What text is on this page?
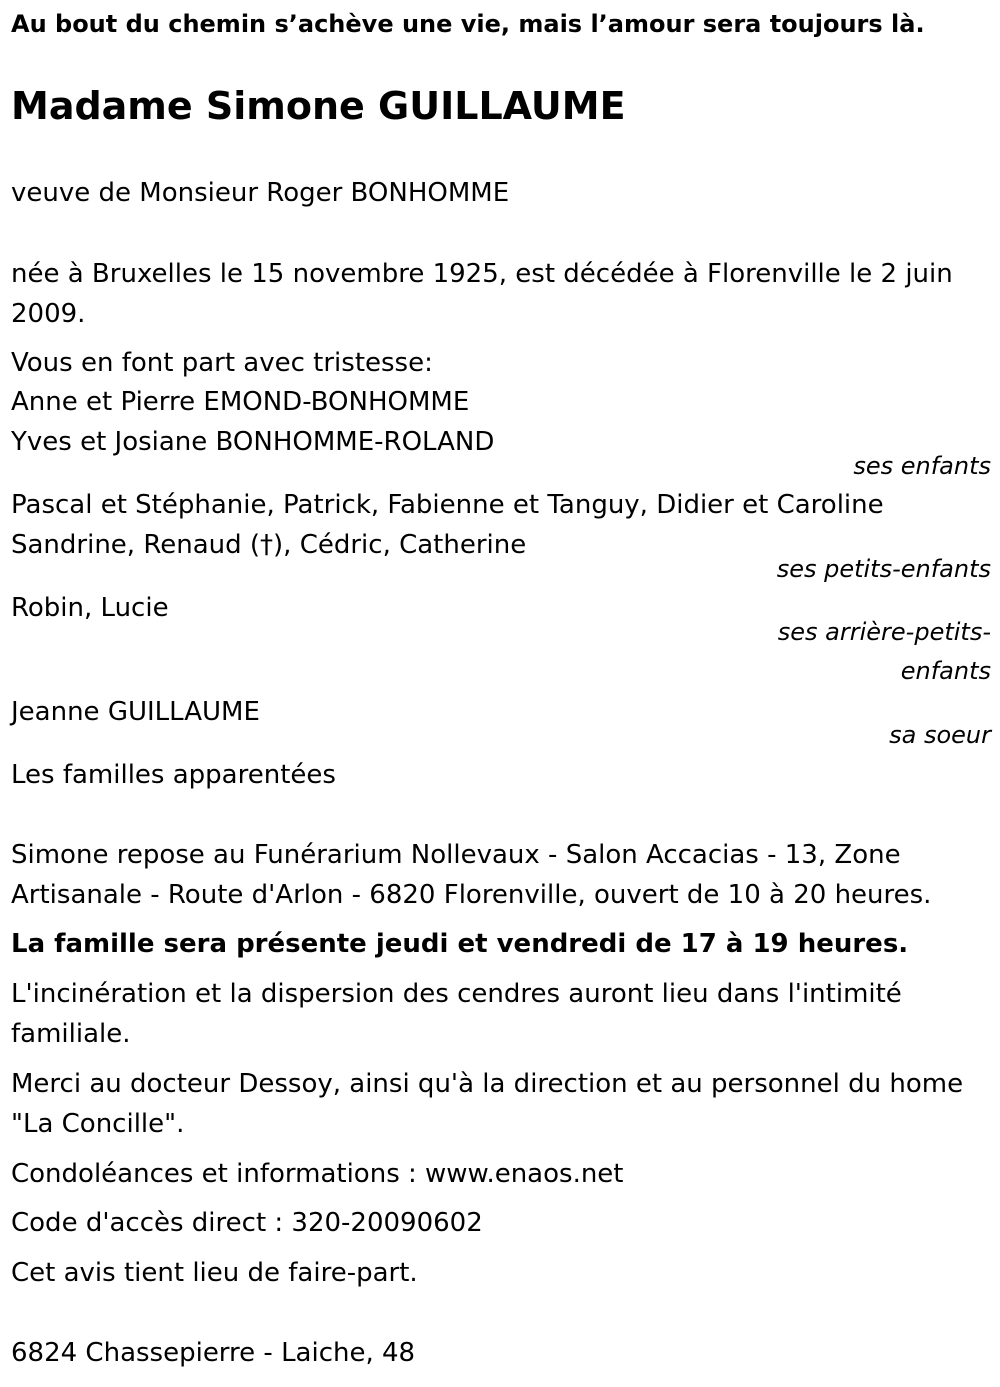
Au bout du chemin s’achève une vie, mais l’amour sera toujours là.

Madame Simone GUILLAUME

veuve de Monsieur Roger BONHOMME

née à Bruxelles le 15 novembre 1925, est décédée à Florenville le 2 juin 2009.

Vous en font part avec tristesse:

Anne et Pierre EMOND-BONHOMME

Yves et Josiane BONHOMME-ROLAND

ses enfants

Pascal et Stéphanie, Patrick, Fabienne et Tanguy, Didier et Caroline

Sandrine, Renaud (†), Cédric, Catherine

ses petits-enfants

Robin, Lucie

ses arrière-petits-
enfants

Jeanne GUILLAUME

sa soeur

Les familles apparentées

Simone repose au Funérarium Nollevaux - Salon Accacias - 13, Zone Artisanale - Route d'Arlon - 6820 Florenville, ouvert de 10 à 20 heures.

La famille sera présente jeudi et vendredi de 17 à 19 heures.

L'incinération et la dispersion des cendres auront lieu dans l'intimité familiale.

Merci au docteur Dessoy, ainsi qu'à la direction et au personnel du home "La Concille".

Condoléances et informations : www.enaos.net

Code d'accès direct : 320-20090602

Cet avis tient lieu de faire-part.

6824 Chassepierre - Laiche, 48
